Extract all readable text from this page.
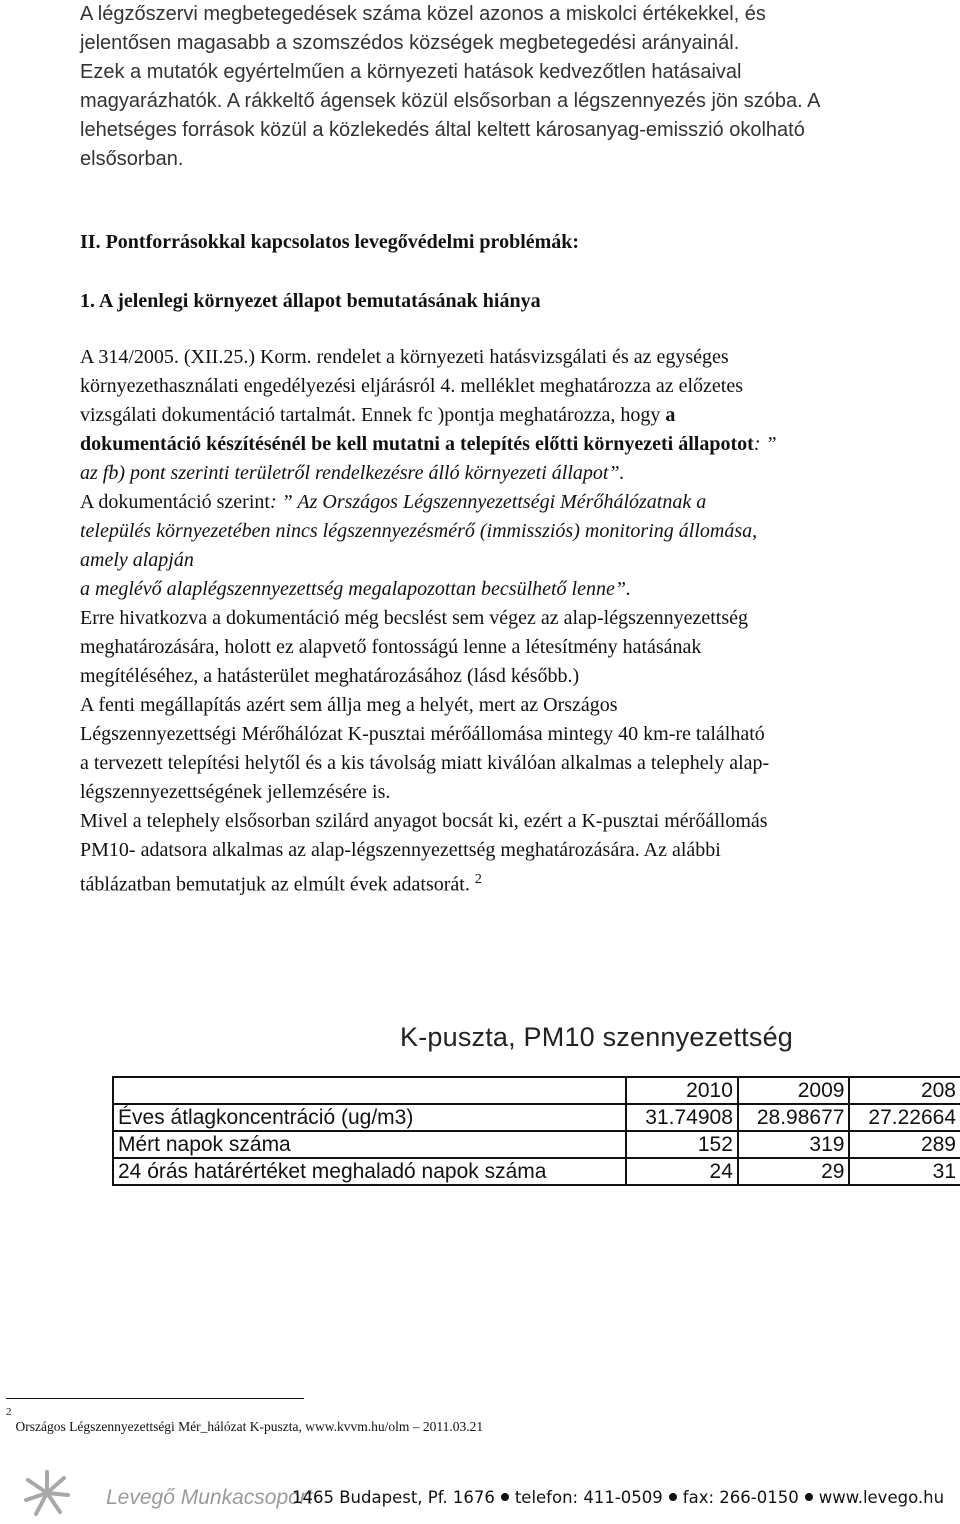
A légzőszervi megbetegedések száma közel azonos a miskolci értékekkel, és

jelentősen magasabb a szomszédos községek megbetegedési arányainál.

Ezek a mutatók egyértelműen a környezeti hatások kedvezőtlen hatásaival

magyarázhatók. A rákkeltő ágensek közül elsősorban a légszennyezés jön szóba. A

lehetséges források közül a közlekedés által keltett károsanyag-emisszió okolható

elsősorban.

II. Pontforrásokkal kapcsolatos levegővédelmi problémák:

1. A jelenlegi környezet állapot bemutatásának hiánya

A 314/2005. (XII.25.) Korm. rendelet a környezeti hatásvizsgálati és az egységes

környezethasználati engedélyezési eljárásról 4. melléklet meghatározza az előzetes

vizsgálati dokumentáció tartalmát. Ennek fc )pontja meghatározza, hogy a

dokumentáció készítésénél be kell mutatni a telepítés előtti környezeti állapotot: ”

az fb) pont szerinti területről rendelkezésre álló környezeti állapot”.

A dokumentáció szerint: ” Az Országos Légszennyezettségi Mérőhálózatnak a

település környezetében nincs légszennyezésmérő (immissziós) monitoring állomása,

amely alapján

a meglévő alaplégszennyezettség megalapozottan becsülhető lenne”.

Erre hivatkozva a dokumentáció még becslést sem végez az alap-légszennyezettség

meghatározására, holott ez alapvető fontosságú lenne a létesítmény hatásának

megítéléséhez, a hatásterület meghatározásához (lásd később.)

A fenti megállapítás azért sem állja meg a helyét, mert az Országos

Légszennyezettségi Mérőhálózat K-pusztai mérőállomása mintegy 40 km-re található

a tervezett telepítési helytől és a kis távolság miatt kiválóan alkalmas a telephely alap-

légszennyezettségének jellemzésére is.

Mivel a telephely elsősorban szilárd anyagot bocsát ki, ezért a K-pusztai mérőállomás

PM10- adatsora alkalmas az alap-légszennyezettség meghatározására. Az alábbi

táblázatban bemutatjuk az elmúlt évek adatsorát. $^2$

K-puszta, PM10 szennyezettség
	2010	2009	208
Éves átlagkoncentráció (ug/m3)	31.74908	28.98677	27.22664
Mért napok száma	152	319	289
24 órás határértéket meghaladó napok száma	24	29	31
$^2$Országos Légszennyezettségi Mér_hálózat K-puszta, www.kvvm.hu/olm – 2011.03.21
Levegő Munkacsoport
1465 Budapest, Pf. 1676 telefon: 411-0509 fax: 266-0150 www.levego.hu
